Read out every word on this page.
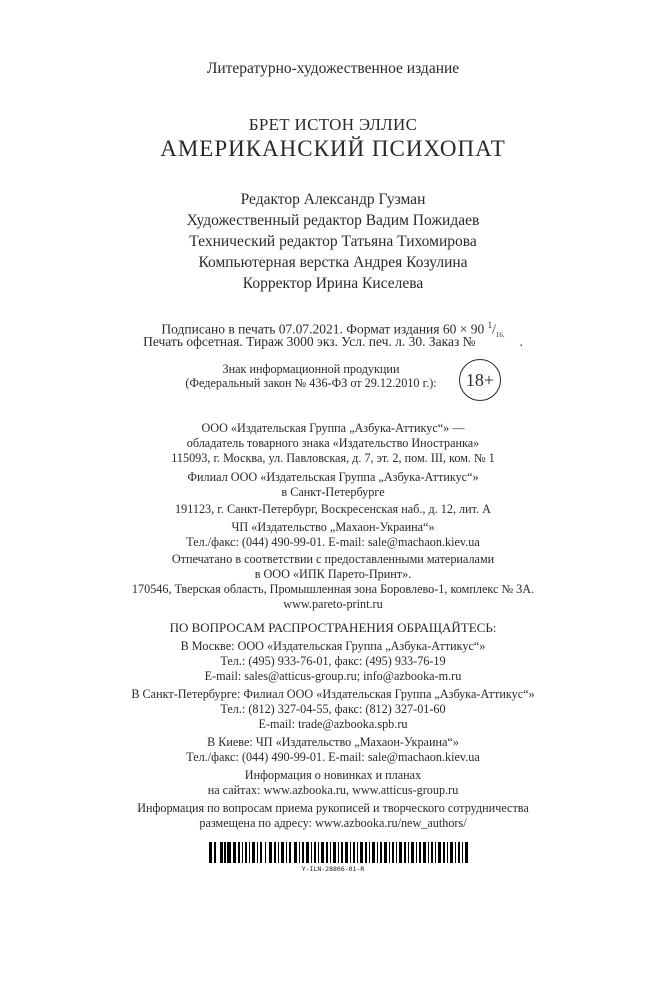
Литературно-художественное издание
БРЕТ ИСТОН ЭЛЛИС
АМЕРИКАНСКИЙ ПСИХОПАТ
Редактор Александр Гузман
Художественный редактор Вадим Пожидаев
Технический редактор Татьяна Тихомирова
Компьютерная верстка Андрея Козулина
Корректор Ирина Киселева
Подписано в печать 07.07.2021. Формат издания 60 × 90 $^1/_{16.}$
Печать офсетная. Тираж 3000 экз. Усл. печ. л. 30. Заказ №	.
Знак информационной продукции
(Федеральный закон № 436-ФЗ от 29.12.2010 г.):	18+
ООО «Издательская Группа „Азбука-Аттикус“» —
обладатель товарного знака «Издательство Иностранка»
115093, г. Москва, ул. Павловская, д. 7, эт. 2, пом. III, ком. № 1
Филиал ООО «Издательская Группа „Азбука-Аттикус“»
в Санкт-Петербурге
191123, г. Санкт-Петербург, Воскресенская наб., д. 12, лит. А
ЧП «Издательство „Махаон-Украина“»
Тел./факс: (044) 490-99-01. E-mail: sale@machaon.kiev.ua
Отпечатано в соответствии с предоставленными материалами
в ООО «ИПК Парето-Принт».
170546, Тверская область, Промышленная зона Боровлево-1, комплекс № 3А.
www.pareto-print.ru
ПО ВОПРОСАМ РАСПРОСТРАНЕНИЯ ОБРАЩАЙТЕСЬ:
В Москве: ООО «Издательская Группа „Азбука-Аттикус“»
Тел.: (495) 933-76-01, факс: (495) 933-76-19
E-mail: sales@atticus-group.ru; info@azbooka-m.ru
В Санкт-Петербурге: Филиал ООО «Издательская Группа „Азбука-Аттикус“»
Тел.: (812) 327-04-55, факс: (812) 327-01-60
E-mail: trade@azbooka.spb.ru
В Киеве: ЧП «Издательство „Махаон-Украина“»
Тел./факс: (044) 490-99-01. E-mail: sale@machaon.kiev.ua
Информация о новинках и планах
на сайтах: www.azbooka.ru, www.atticus-group.ru
Информация по вопросам приема рукописей и творческого сотрудничества
размещена по адресу: www.azbooka.ru/new_authors/
Y-ILN-28806-01-R
